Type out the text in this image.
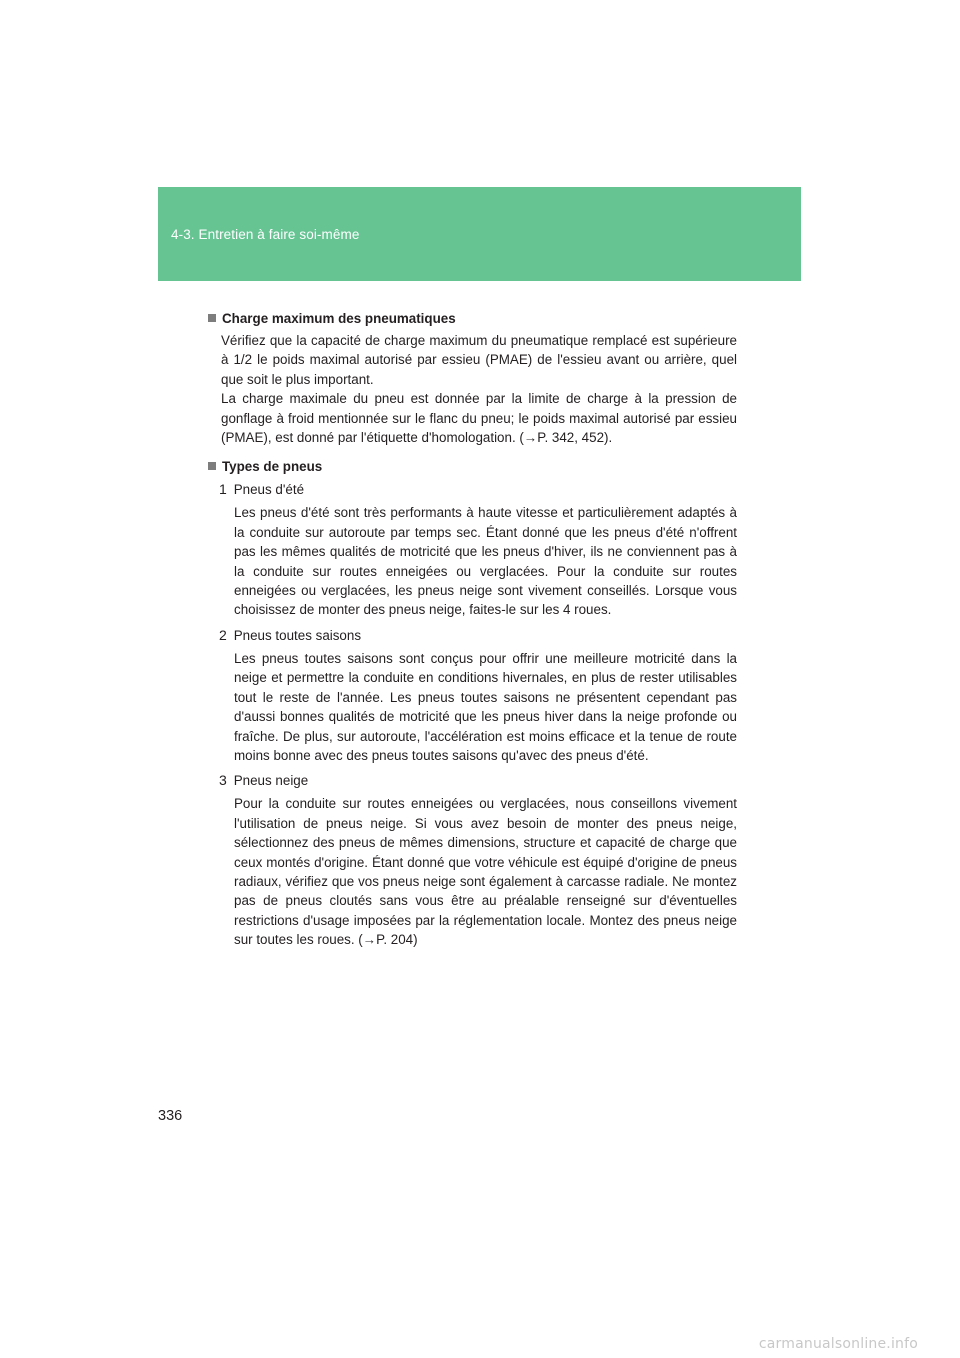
4-3. Entretien à faire soi-même
Charge maximum des pneumatiques

Vérifiez que la capacité de charge maximum du pneumatique remplacé est supérieure à 1/2 le poids maximal autorisé par essieu (PMAE) de l'essieu avant ou arrière, quel que soit le plus important.

La charge maximale du pneu est donnée par la limite de charge à la pression de gonflage à froid mentionnée sur le flanc du pneu; le poids maximal autorisé par essieu (PMAE), est donné par l'étiquette d'homologation. (→P. 342, 452).

Types de pneus
1 Pneus d'été

Les pneus d'été sont très performants à haute vitesse et particulièrement adaptés à la conduite sur autoroute par temps sec. Étant donné que les pneus d'été n'offrent pas les mêmes qualités de motricité que les pneus d'hiver, ils ne conviennent pas à la conduite sur routes enneigées ou verglacées. Pour la conduite sur routes enneigées ou verglacées, les pneus neige sont vivement conseillés. Lorsque vous choisissez de monter des pneus neige, faites-le sur les 4 roues.

2 Pneus toutes saisons

Les pneus toutes saisons sont conçus pour offrir une meilleure motricité dans la neige et permettre la conduite en conditions hivernales, en plus de rester utilisables tout le reste de l'année. Les pneus toutes saisons ne présentent cependant pas d'aussi bonnes qualités de motricité que les pneus hiver dans la neige profonde ou fraîche. De plus, sur autoroute, l'accélération est moins efficace et la tenue de route moins bonne avec des pneus toutes saisons qu'avec des pneus d'été.

3 Pneus neige

Pour la conduite sur routes enneigées ou verglacées, nous conseillons vivement l'utilisation de pneus neige. Si vous avez besoin de monter des pneus neige, sélectionnez des pneus de mêmes dimensions, structure et capacité de charge que ceux montés d'origine. Étant donné que votre véhicule est équipé d'origine de pneus radiaux, vérifiez que vos pneus neige sont également à carcasse radiale. Ne montez pas de pneus cloutés sans vous être au préalable renseigné sur d'éventuelles restrictions d'usage imposées par la réglementation locale. Montez des pneus neige sur toutes les roues. (→P. 204)

336
carmanualsonline.info
